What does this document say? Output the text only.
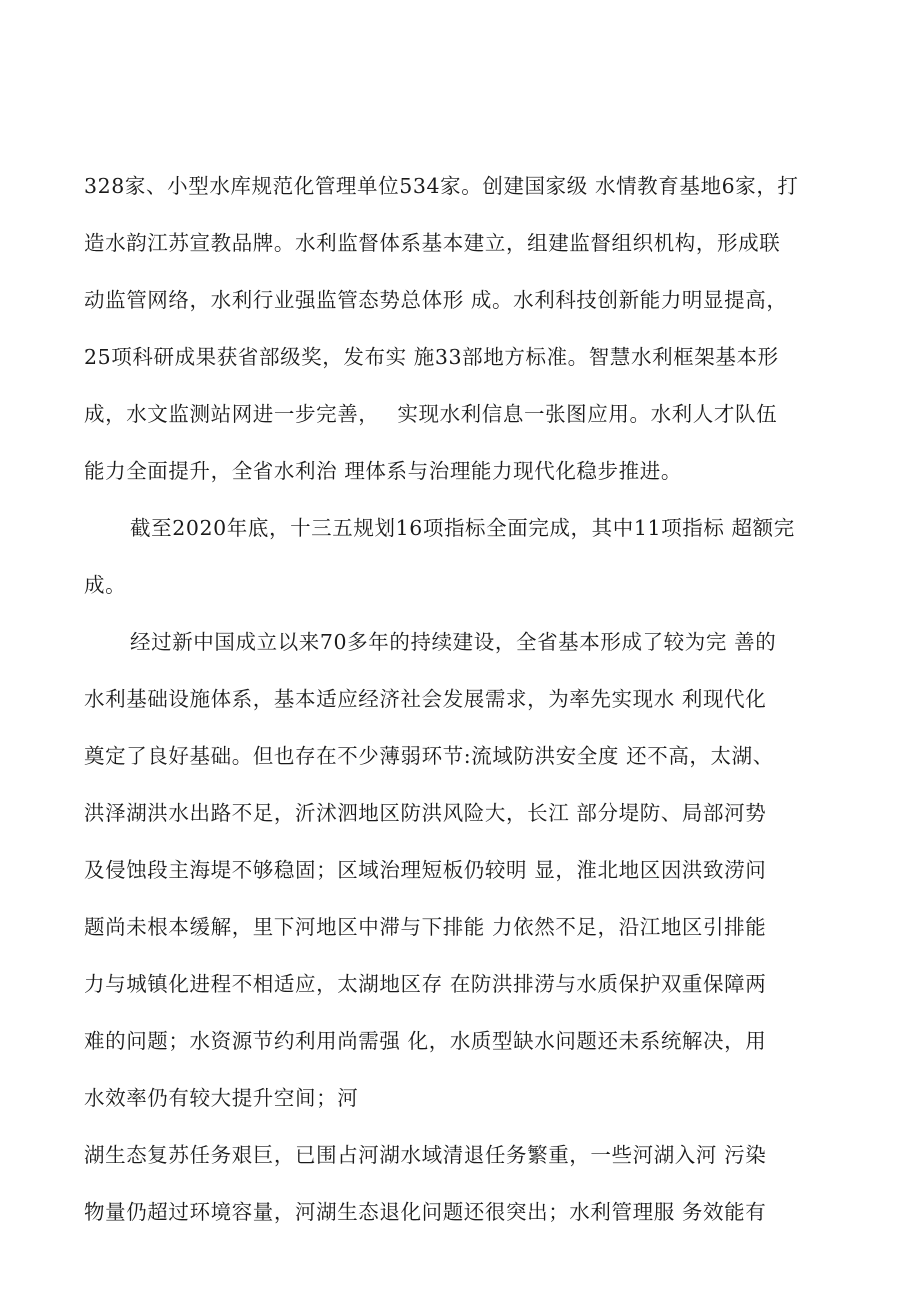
328家、小型水库规范化管理单位534家。创建国家级 水情教育基地6家，打
造水韵江苏宣教品牌。水利监督体系基本建立，组建监督组织机构，形成联
动监管网络，水利行业强监管态势总体形 成。水利科技创新能力明显提高，
25项科研成果获省部级奖，发布实 施33部地方标准。智慧水利框架基本形
成，水文监测站网进一步完善，　 实现水利信息一张图应用。水利人才队伍
能力全面提升，全省水利治 理体系与治理能力现代化稳步推进。
截至2020年底，十三五规划16项指标全面完成，其中11项指标 超额完
成。
经过新中国成立以来70多年的持续建设，全省基本形成了较为完 善的
水利基础设施体系，基本适应经济社会发展需求，为率先实现水 利现代化
奠定了良好基础。但也存在不少薄弱环节:流域防洪安全度 还不高，太湖、
洪泽湖洪水出路不足，沂沭泗地区防洪风险大，长江 部分堤防、局部河势
及侵蚀段主海堤不够稳固；区域治理短板仍较明 显，淮北地区因洪致涝问
题尚未根本缓解，里下河地区中滞与下排能 力依然不足，沿江地区引排能
力与城镇化进程不相适应，太湖地区存 在防洪排涝与水质保护双重保障两
难的问题；水资源节约利用尚需强 化，水质型缺水问题还未系统解决，用
水效率仍有较大提升空间；河
湖生态复苏任务艰巨，已围占河湖水域清退任务繁重，一些河湖入河 污染
物量仍超过环境容量，河湖生态退化问题还很突出；水利管理服 务效能有
